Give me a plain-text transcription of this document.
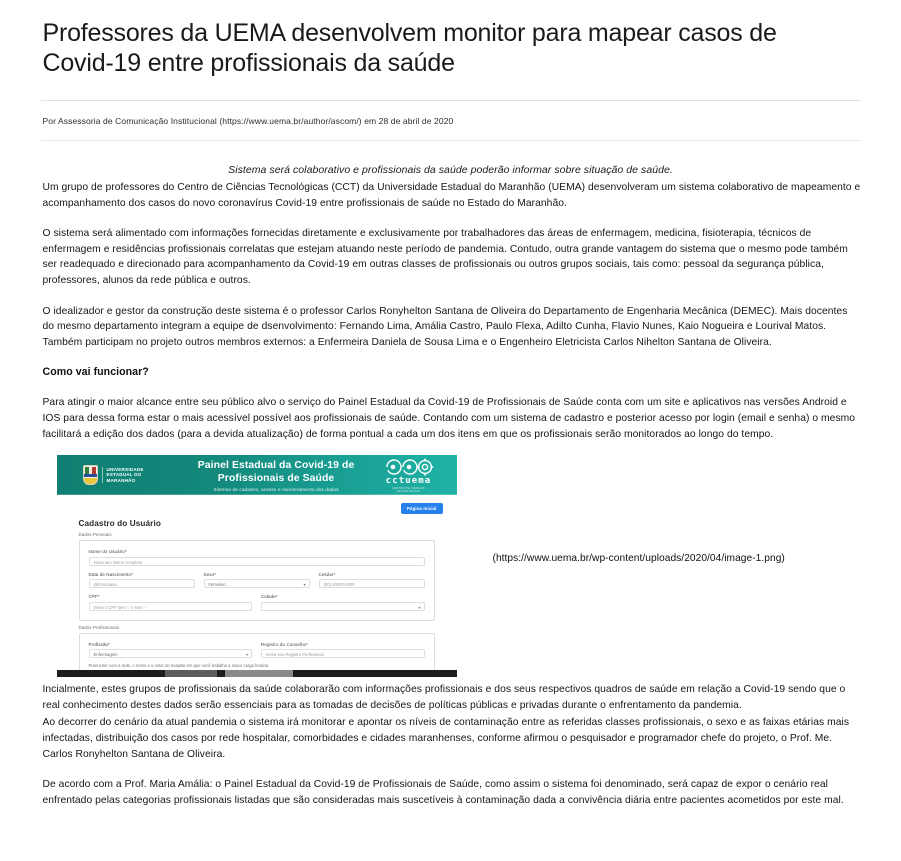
Professores da UEMA desenvolvem monitor para mapear casos de Covid-19 entre profissionais da saúde
Por Assessoria de Comunicação Institucional (https://www.uema.br/author/ascom/) em 28 de abril de 2020
Sistema será colaborativo e profissionais da saúde poderão informar sobre situação de saúde.

Um grupo de professores do Centro de Ciências Tecnológicas (CCT) da Universidade Estadual do Maranhão (UEMA) desenvolveram um sistema colaborativo de mapeamento e acompanhamento dos casos do novo coronavírus Covid-19 entre profissionais de saúde no Estado do Maranhão.

O sistema será alimentado com informações fornecidas diretamente e exclusivamente por trabalhadores das áreas de enfermagem, medicina, fisioterapia, técnicos de enfermagem e residências profissionais correlatas que estejam atuando neste período de pandemia. Contudo, outra grande vantagem do sistema que o mesmo pode também ser readequado e direcionado para acompanhamento da Covid-19 em outras classes de profissionais ou outros grupos sociais, tais como: pessoal da segurança pública, professores, alunos da rede pública e outros.

O idealizador e gestor da construção deste sistema é o professor Carlos Ronyhelton Santana de Oliveira do Departamento de Engenharia Mecânica (DEMEC). Mais docentes do mesmo departamento integram a equipe de dsenvolvimento: Fernando Lima, Amália Castro, Paulo Flexa, Adilto Cunha, Flavio Nunes, Kaio Nogueira e Lourival Matos. Também participam no projeto outros membros externos: a Enfermeira Daniela de Sousa Lima e o Engenheiro Eletricista Carlos Nihelton Santana de Oliveira.

Como vai funcionar?

Para atingir o maior alcance entre seu público alvo o serviço do Painel Estadual da Covid-19 de Profissionais de Saúde conta com um site e aplicativos nas versões Android e IOS para dessa forma estar o mais acessível possível aos profissionais de saúde. Contando com um sistema de cadastro e posterior acesso por login (email e senha) o mesmo facilitará a edição dos dados (para a devida atualização) de forma pontual a cada um dos itens em que os profissionais serão monitorados ao longo do tempo.

UNIVERSIDADE
ESTADUAL DO
MARANHÃO
Painel Estadual da Covid-19 de Profissionais de Saúde
Sistema de cadastro, acesso e monitoramento dos dados
cctuema
CENTRO DE CIÊNCIAS TECNOLÓGICAS
Página Inicial
Cadastro do Usuário
Dados Pessoais
Nome do Usuário*
Insira seu Nome completo
Data de Nascimento*
dd/mm/aaaa
Sexo*
Feminino	▾
Celular*
(00) 90000-0000
CPF*
Insira o CPF sem '.' e sem '-'
Cidade*
▾
Dados Profissionais
Profissão*
Enfermagem	▾
Registro do Conselho*
Insira seu Registro Profissional
Preencher com a rede, o nome e o setor do hospital em que você trabalha a maior carga horária
(https://www.uema.br/wp-content/uploads/2020/04/image-1.png)

Incialmente, estes grupos de profissionais da saúde colaborarão com informações profissionais e dos seus respectivos quadros de saúde em relação a Covid-19 sendo que o real conhecimento destes dados serão essenciais para as tomadas de decisões de políticas públicas e privadas durante o enfrentamento da pandemia.

Ao decorrer do cenário da atual pandemia o sistema irá monitorar e apontar os níveis de contaminação entre as referidas classes profissionais, o sexo e as faixas etárias mais infectadas, distribuição dos casos por rede hospitalar, comorbidades e cidades maranhenses, conforme afirmou o pesquisador e programador chefe do projeto, o Prof. Me. Carlos Ronyhelton Santana de Oliveira.

De acordo com a Prof. Maria Amália: o Painel Estadual da Covid-19 de Profissionais de Saúde, como assim o sistema foi denominado, será capaz de expor o cenário real enfrentado pelas categorias profissionais listadas que são consideradas mais suscetíveis à contaminação dada a convivência diária entre pacientes acometidos por este mal.
